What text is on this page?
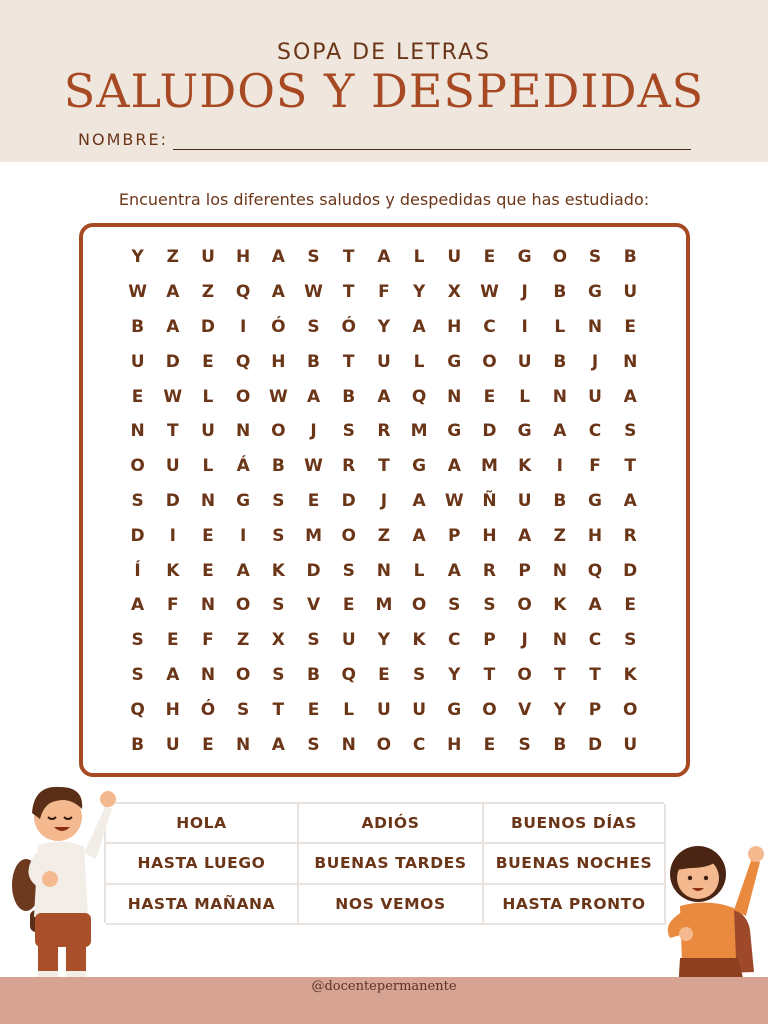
SOPA DE LETRAS
SALUDOS Y DESPEDIDAS
NOMBRE:
Encuentra los diferentes saludos y despedidas que has estudiado:
Y	Z	U	H	A	S	T	A	L	U	E	G	O	S	B
W	A	Z	Q	A	W	T	F	Y	X	W	J	B	G	U
B	A	D	I	Ó	S	Ó	Y	A	H	C	I	L	N	E
U	D	E	Q	H	B	T	U	L	G	O	U	B	J	N
E	W	L	O	W	A	B	A	Q	N	E	L	N	U	A
N	T	U	N	O	J	S	R	M	G	D	G	A	C	S
O	U	L	Á	B	W	R	T	G	A	M	K	I	F	T
S	D	N	G	S	E	D	J	A	W	Ñ	U	B	G	A
D	I	E	I	S	M	O	Z	A	P	H	A	Z	H	R
Í	K	E	A	K	D	S	N	L	A	R	P	N	Q	D
A	F	N	O	S	V	E	M	O	S	S	O	K	A	E
S	E	F	Z	X	S	U	Y	K	C	P	J	N	C	S
S	A	N	O	S	B	Q	E	S	Y	T	O	T	T	K
Q	H	Ó	S	T	E	L	U	U	G	O	V	Y	P	O
B	U	E	N	A	S	N	O	C	H	E	S	B	D	U
HOLA	ADIÓS	BUENOS DÍAS
HASTA LUEGO	BUENAS TARDES	BUENAS NOCHES
HASTA MAÑANA	NOS VEMOS	HASTA PRONTO
@docentepermanente
